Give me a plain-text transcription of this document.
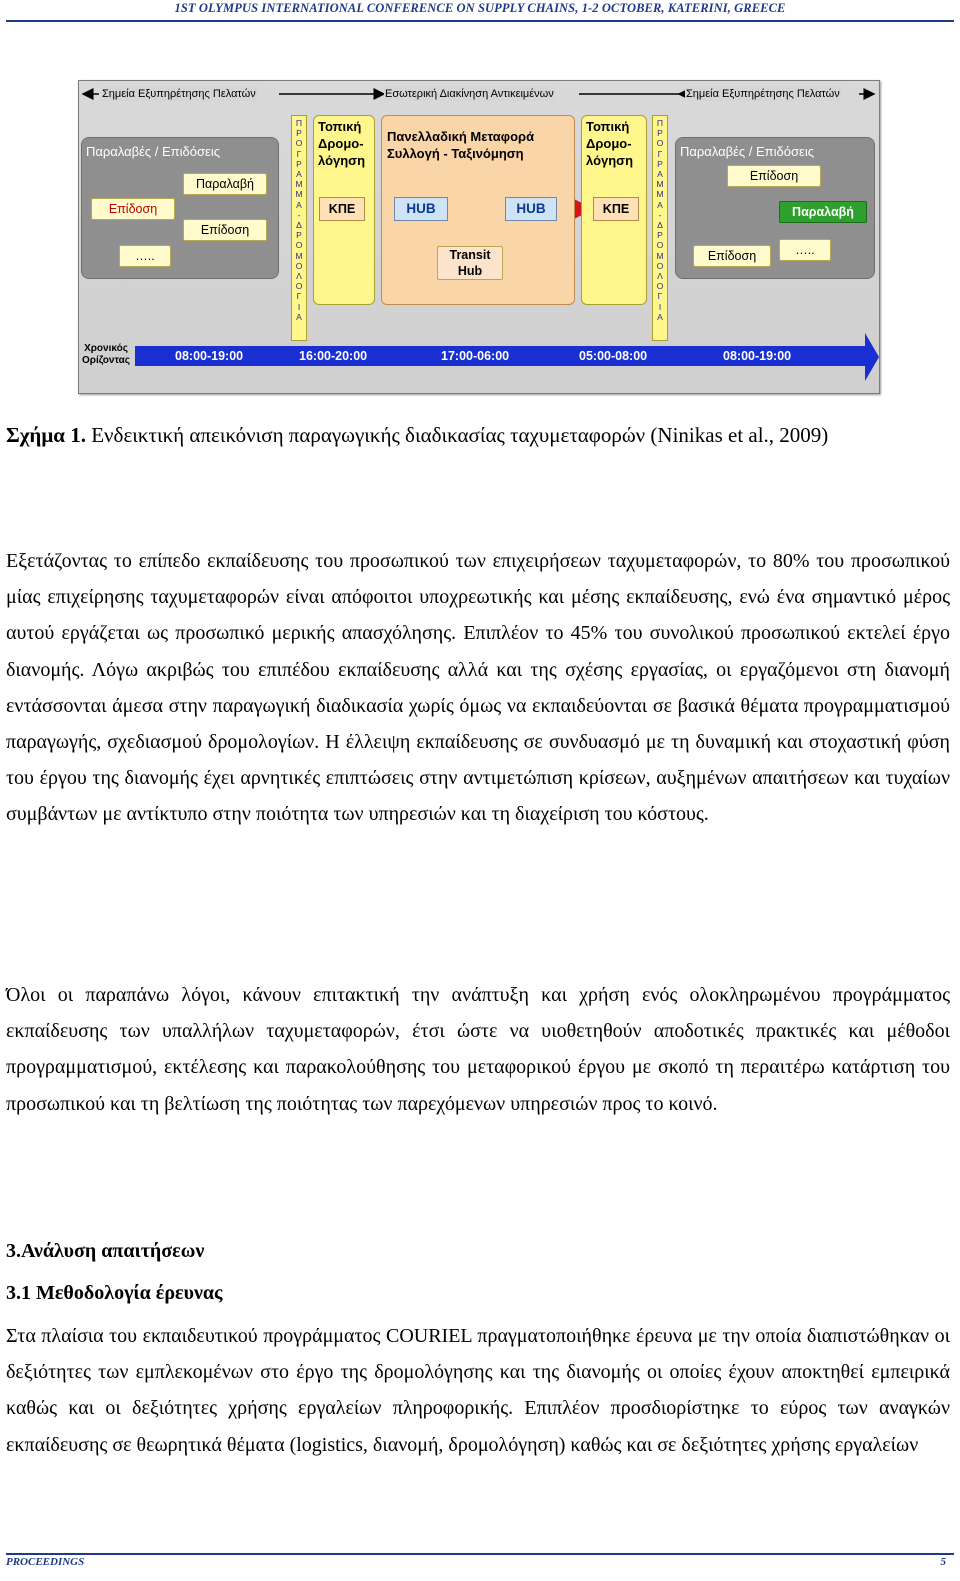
1ST OLYMPUS INTERNATIONAL CONFERENCE ON SUPPLY CHAINS, 1-2 OCTOBER, KATERINI, GREECE
Σημεία Εξυπηρέτησης Πελατών	Εσωτερική Διακίνηση Αντικειμένων	Σημεία Εξυπηρέτησης Πελατών
Παραλαβές / Επιδόσεις
Επίδοση
Παραλαβή
Επίδοση
…..
Π
Ρ
Ο
Γ
Ρ
Α
Μ
Μ
Α
-
Δ
Ρ
Ο
Μ
Ο
Λ
Ο
Γ
Ι
Α
Π
Ρ
Ο
Γ
Ρ
Α
Μ
Μ
Α
-
Δ
Ρ
Ο
Μ
Ο
Λ
Ο
Γ
Ι
Α
Τοπική Δρομο-λόγηση
ΚΠΕ
Πανελλαδική Μεταφορά Συλλογή - Ταξινόμηση
HUB	HUB
Transit Hub
Τοπική Δρομο-λόγηση
ΚΠΕ
Παραλαβές / Επιδόσεις
Επίδοση
Παραλαβή
Επίδοση	…..
Χρονικός Ορίζοντας	08:00-19:00	16:00-20:00	17:00-06:00	05:00-08:00	08:00-19:00
Σχήμα 1. Ενδεικτική απεικόνιση παραγωγικής διαδικασίας ταχυμεταφορών (Ninikas et al., 2009)
Εξετάζοντας το επίπεδο εκπαίδευσης του προσωπικού των επιχειρήσεων ταχυμεταφορών, το 80% του προσωπικού μίας επιχείρησης ταχυμεταφορών είναι απόφοιτοι υποχρεωτικής και μέσης εκπαίδευσης, ενώ ένα σημαντικό μέρος αυτού εργάζεται ως προσωπικό μερικής απασχόλησης. Επιπλέον το 45% του συνολικού προσωπικού εκτελεί έργο διανομής. Λόγω ακριβώς του επιπέδου εκπαίδευσης αλλά και της σχέσης εργασίας, οι εργαζόμενοι στη διανομή εντάσσονται άμεσα στην παραγωγική διαδικασία χωρίς όμως να εκπαιδεύονται σε βασικά θέματα προγραμματισμού παραγωγής, σχεδιασμού δρομολογίων. Η έλλειψη εκπαίδευσης σε συνδυασμό με τη δυναμική και στοχαστική φύση του έργου της διανομής έχει αρνητικές επιπτώσεις στην αντιμετώπιση κρίσεων, αυξημένων απαιτήσεων και τυχαίων συμβάντων με αντίκτυπο στην ποιότητα των υπηρεσιών και τη διαχείριση του κόστους.
Όλοι οι παραπάνω λόγοι, κάνουν επιτακτική την ανάπτυξη και χρήση ενός ολοκληρωμένου προγράμματος εκπαίδευσης των υπαλλήλων ταχυμεταφορών, έτσι ώστε να υιοθετηθούν αποδοτικές πρακτικές και μέθοδοι προγραμματισμού, εκτέλεσης και παρακολούθησης του μεταφορικού έργου με σκοπό τη περαιτέρω κατάρτιση του προσωπικού και τη βελτίωση της ποιότητας των παρεχόμενων υπηρεσιών προς το κοινό.
3.Ανάλυση απαιτήσεων
3.1 Μεθοδολογία έρευνας
Στα πλαίσια του εκπαιδευτικού προγράμματος COURIEL πραγματοποιήθηκε έρευνα με την οποία διαπιστώθηκαν οι δεξιότητες των εμπλεκομένων στο έργο της δρομολόγησης και της διανομής οι οποίες έχουν αποκτηθεί εμπειρικά καθώς και οι δεξιότητες χρήσης εργαλείων πληροφορικής. Επιπλέον προσδιορίστηκε το εύρος των αναγκών εκπαίδευσης σε θεωρητικά θέματα (logistics, διανομή, δρομολόγηση) καθώς και σε δεξιότητες χρήσης εργαλείων
PROCEEDINGS	5
